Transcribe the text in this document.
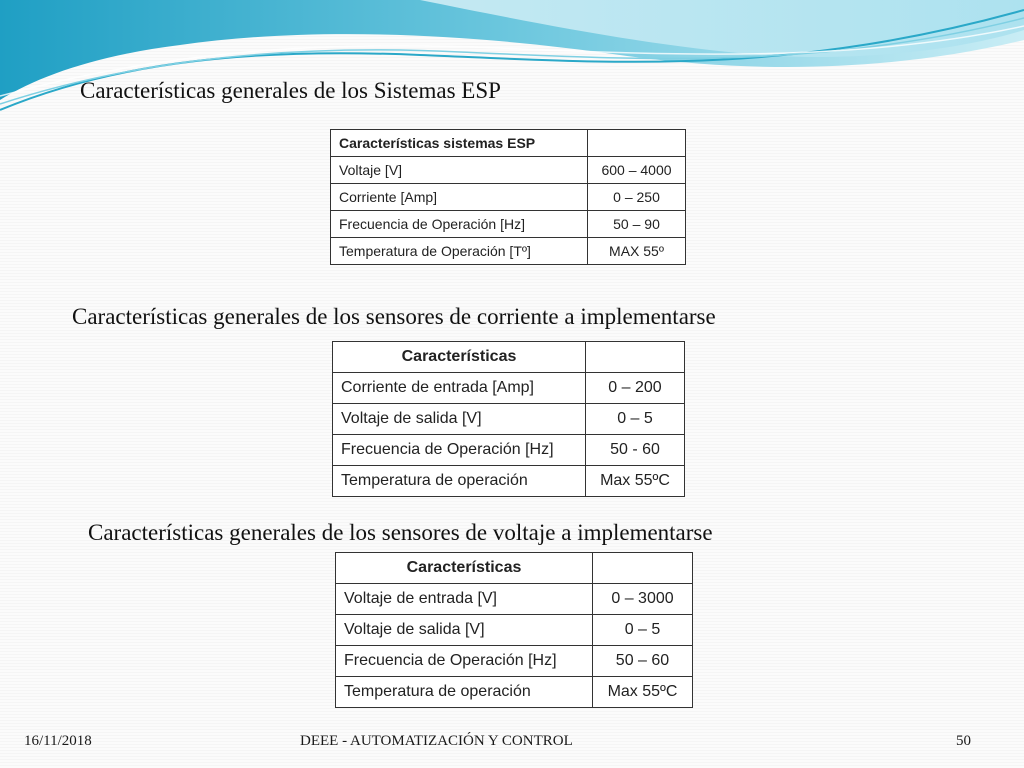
Características generales de los Sistemas ESP
Características sistemas ESP	
Voltaje [V]	600 – 4000
Corriente [Amp]	0 – 250
Frecuencia de Operación [Hz]	50 – 90
Temperatura de Operación [Tº]	MAX 55º
Características generales de los sensores de corriente a implementarse
Características	
Corriente de entrada [Amp]	0 – 200
Voltaje de salida [V]	0 – 5
Frecuencia de Operación [Hz]	50 - 60
Temperatura de operación	Max 55ºC
Características generales de los sensores de voltaje a implementarse
Características	
Voltaje de entrada [V]	0 – 3000
Voltaje de salida [V]	0 – 5
Frecuencia de Operación [Hz]	50 – 60
Temperatura de operación	Max 55ºC
16/11/2018	DEEE - AUTOMATIZACIÓN Y CONTROL	50
